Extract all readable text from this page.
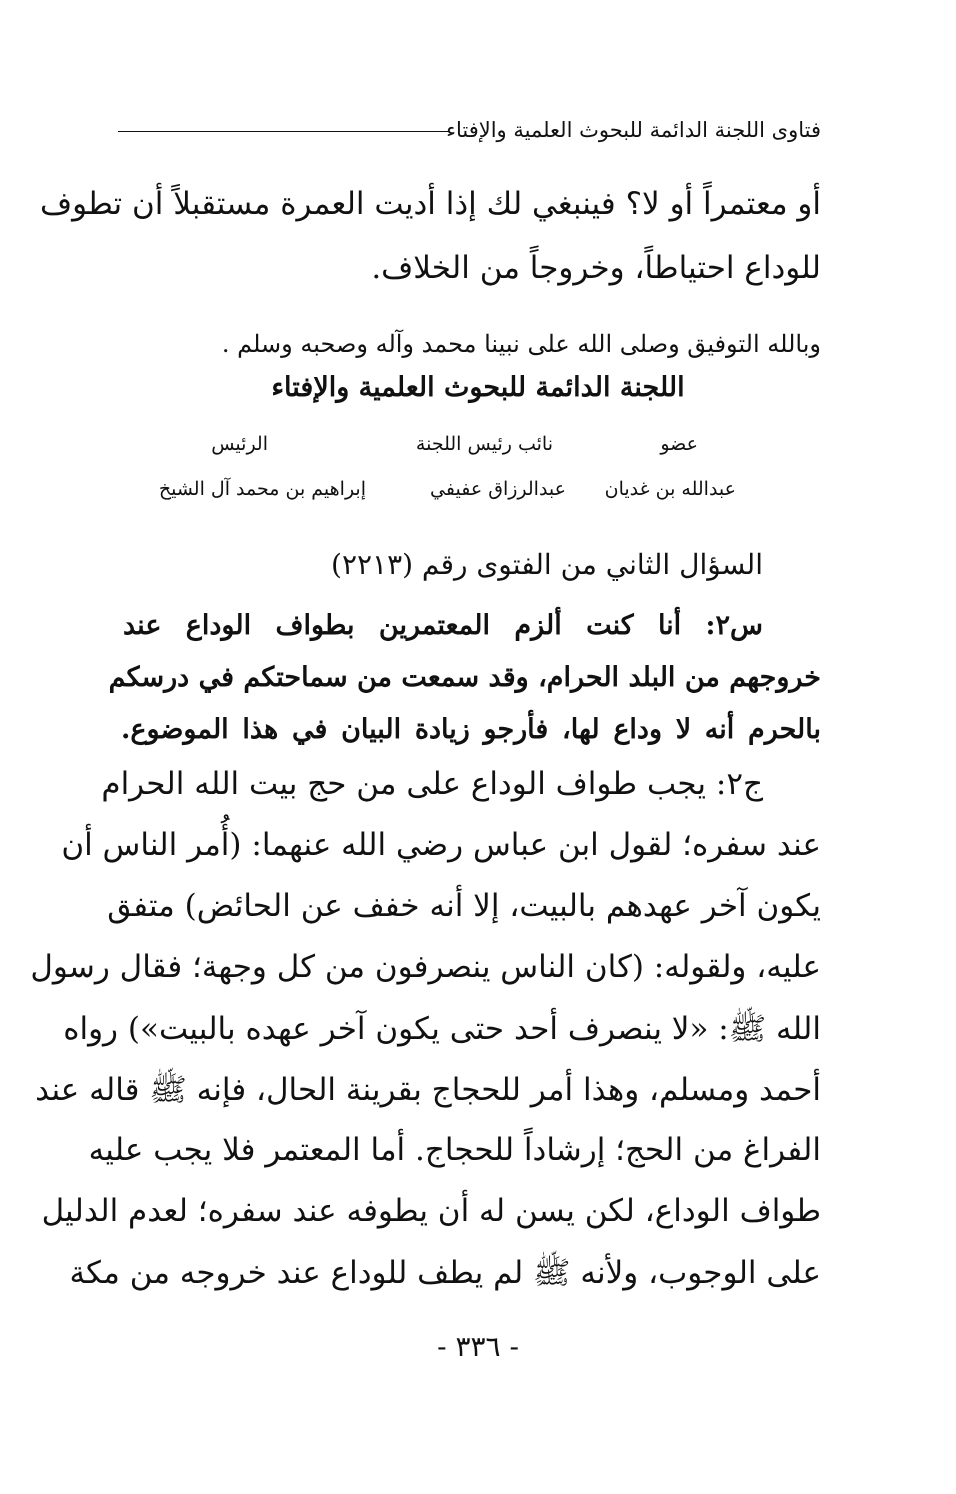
فتاوى اللجنة الدائمة للبحوث العلمية والإفتاء
أو معتمراً أو لا؟ فينبغي لك إذا أديت العمرة مستقبلاً أن تطوف
للوداع احتياطاً، وخروجاً من الخلاف.
وبالله التوفيق وصلى الله على نبينا محمد وآله وصحبه وسلم .
اللجنة الدائمة للبحوث العلمية والإفتاء
عضو
نائب رئيس اللجنة
الرئيس
عبدالله بن غديان
عبدالرزاق عفيفي
إبراهيم بن محمد آل الشيخ
السؤال الثاني من الفتوى رقم (٢٢١٣)
س٢: أنا كنت ألزم المعتمرين بطواف الوداع عند
خروجهم من البلد الحرام، وقد سمعت من سماحتكم في درسكم
بالحرم أنه لا وداع لها، فأرجو زيادة البيان في هذا الموضوع.
ج٢: يجب طواف الوداع على من حج بيت الله الحرام
عند سفره؛ لقول ابن عباس رضي الله عنهما: (أُمر الناس أن
يكون آخر عهدهم بالبيت، إلا أنه خفف عن الحائض) متفق
عليه، ولقوله: (كان الناس ينصرفون من كل وجهة؛ فقال رسول
الله ﷺ: «لا ينصرف أحد حتى يكون آخر عهده بالبيت») رواه
أحمد ومسلم، وهذا أمر للحجاج بقرينة الحال، فإنه ﷺ قاله عند
الفراغ من الحج؛ إرشاداً للحجاج. أما المعتمر فلا يجب عليه
طواف الوداع، لكن يسن له أن يطوفه عند سفره؛ لعدم الدليل
على الوجوب، ولأنه ﷺ لم يطف للوداع عند خروجه من مكة
- ٣٣٦ -
